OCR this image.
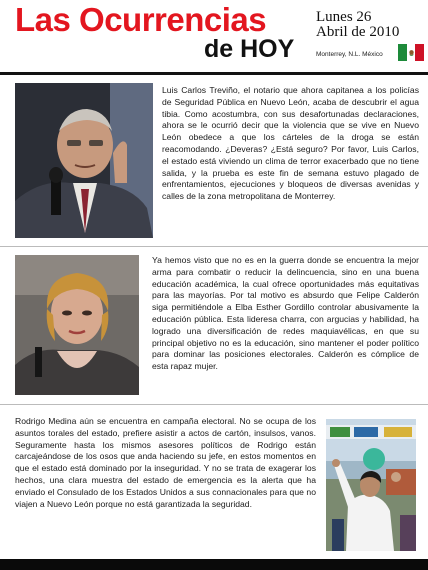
Las Ocurrencias
de HOY
Lunes 26
Abril de 2010
Monterrey, N.L. México

Luis Carlos Treviño, el notario que ahora capitanea a los policías de Seguridad Pública en Nuevo León, acaba de descubrir el agua tibia. Como acostumbra, con sus desafortunadas declaraciones, ahora se le ocurrió decir que la violencia que se vive en Nuevo León obedece a que los cárteles de la droga se están reacomodando. ¿Deveras? ¿Está seguro? Por favor, Luis Carlos, el estado está viviendo un clima de terror exacerbado que no tiene salida, y la prueba es este fin de semana estuvo plagado de enfrentamientos, ejecuciones y bloqueos de diversas avenidas y calles de la zona metropolitana de Monterrey.

Ya hemos visto que no es en la guerra donde se encuentra la mejor arma para combatir o reducir la delincuencia, sino en una buena educación académica, la cual ofrece oportunidades más equitativas para las mayorías. Por tal motivo es absurdo que Felipe Calderón siga permitiéndole a Elba Esther Gordillo controlar abusivamente la educación pública. Esta lideresa charra, con argucias y habilidad, ha logrado una diversificación de redes maquiavélicas, en que su principal objetivo no es la educación, sino mantener el poder político para dominar las posiciones electorales. Calderón es cómplice de esta rapaz mujer.

Rodrigo Medina aún se encuentra en campaña electoral. No se ocupa de los asuntos torales del estado, prefiere asistir a actos de cartón, insulsos, vanos. Seguramente hasta los mismos asesores políticos de Rodrigo están carcajeándose de los osos que anda haciendo su jefe, en estos momentos en que el estado está dominado por la inseguridad. Y no se trata de exagerar los hechos, una clara muestra del estado de emergencia es la alerta que ha enviado el Consulado de los Estados Unidos a sus connacionales para que no viajen a Nuevo León porque no está garantizada la seguridad.
